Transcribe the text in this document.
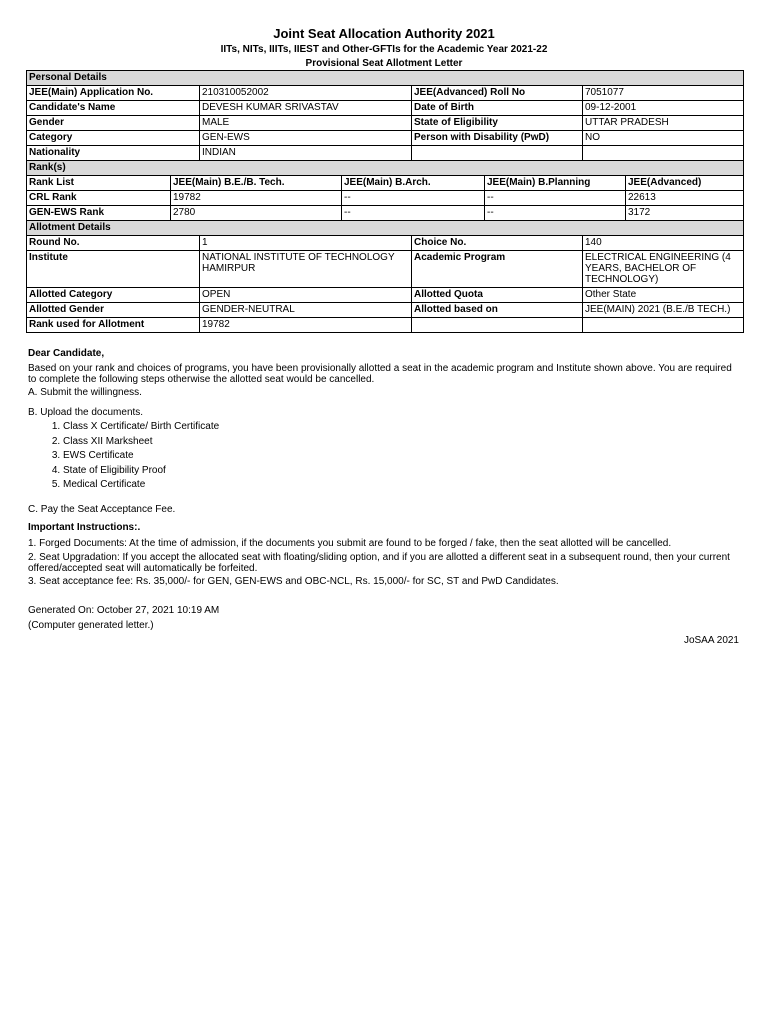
Joint Seat Allocation Authority 2021
IITs, NITs, IIITs, IIEST and Other-GFTIs for the Academic Year 2021-22
Provisional Seat Allotment Letter
Personal Details							
JEE(Main) Application No.		210310052002		JEE(Advanced) Roll No		7051077	
Candidate's Name		DEVESH KUMAR SRIVASTAV		Date of Birth		09-12-2001	
Gender		MALE		State of Eligibility		UTTAR PRADESH	
Category		GEN-EWS		Person with Disability (PwD)		NO	
Nationality		INDIAN					
Rank(s)							
Rank List	JEE(Main) B.E./B. Tech.		JEE(Main) B.Arch.		JEE(Main) B.Planning		JEE(Advanced)
CRL Rank	19782		--		--		22613
GEN-EWS Rank	2780		--		--		3172
Allotment Details							
Round No.		1		Choice No.		140	
Institute		NATIONAL INSTITUTE OF TECHNOLOGY HAMIRPUR		Academic Program		ELECTRICAL ENGINEERING (4 YEARS, BACHELOR OF TECHNOLOGY)	
Allotted Category		OPEN		Allotted Quota		Other State	
Allotted Gender		GENDER-NEUTRAL		Allotted based on		JEE(MAIN) 2021 (B.E./B TECH.)	
Rank used for Allotment		19782					
Dear Candidate,
Based on your rank and choices of programs, you have been provisionally allotted a seat in the academic program and Institute shown above. You are required to complete the following steps otherwise the allotted seat would be cancelled.
A. Submit the willingness.
B. Upload the documents.
1. Class X Certificate/ Birth Certificate
2. Class XII Marksheet
3. EWS Certificate
4. State of Eligibility Proof
5. Medical Certificate
C. Pay the Seat Acceptance Fee.
Important Instructions:.
1. Forged Documents: At the time of admission, if the documents you submit are found to be forged / fake, then the seat allotted will be cancelled.
2. Seat Upgradation: If you accept the allocated seat with floating/sliding option, and if you are allotted a different seat in a subsequent round, then your current offered/accepted seat will automatically be forfeited.
3. Seat acceptance fee: Rs. 35,000/- for GEN, GEN-EWS and OBC-NCL, Rs. 15,000/- for SC, ST and PwD Candidates.
Generated On: October 27, 2021 10:19 AM
(Computer generated letter.)
JoSAA 2021
